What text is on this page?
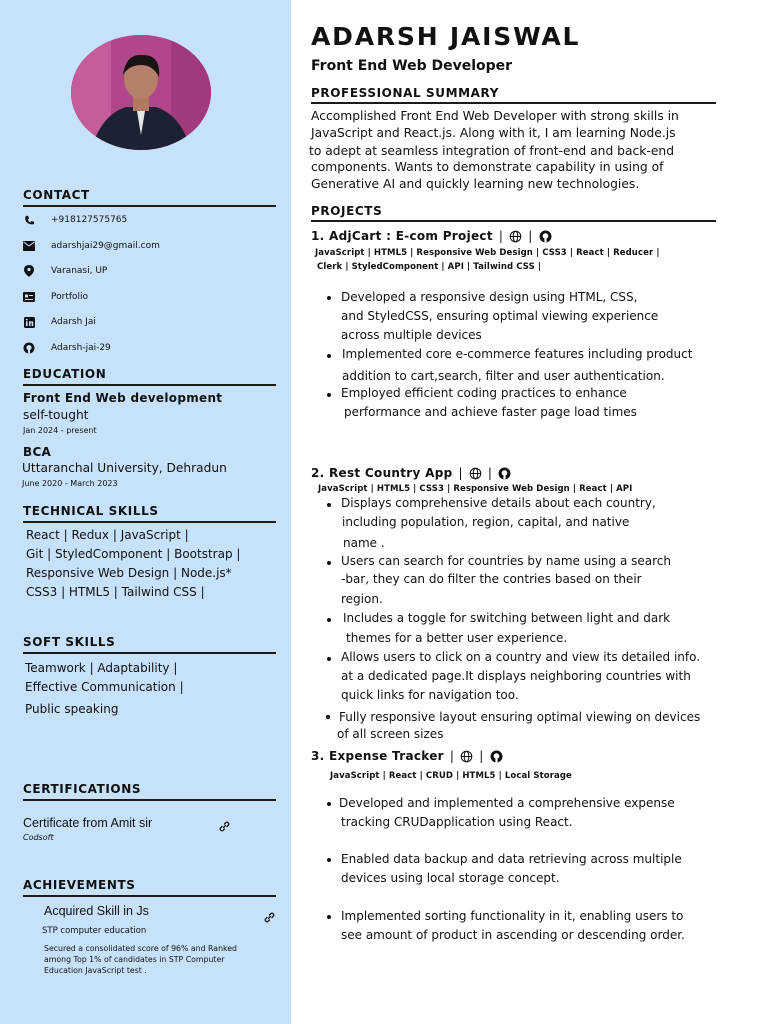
CONTACT
+918127575765
adarshjai29@gmail.com
Varanasi, UP
Portfolio
Adarsh Jai
Adarsh-jai-29
EDUCATION
Front End Web development
self-tought
Jan 2024 - present
BCA
Uttaranchal University, Dehradun
June 2020 - March 2023
TECHNICAL SKILLS
React | Redux | JavaScript |
Git | StyledComponent | Bootstrap |
Responsive Web Design | Node.js*
CSS3 | HTML5 | Tailwind CSS |
SOFT SKILLS
Teamwork | Adaptability |
Effective Communication |
Public speaking
CERTIFICATIONS
Certificate from Amit sir
Codsoft
ACHIEVEMENTS
Acquired Skill in Js
STP computer education
Secured a consolidated score of 96% and Ranked
among Top 1% of candidates in STP Computer
Education JavaScript test .
ADARSH JAISWAL
Front End Web Developer
PROFESSIONAL SUMMARY
Accomplished Front End Web Developer with strong skills in
JavaScript and React.js. Along with it, I am learning Node.js
to adept at seamless integration of front-end and back-end
components. Wants to demonstrate capability in using of
Generative AI and quickly learning new technologies.
PROJECTS
1. AdjCart : E-com Project | |
JavaScript | HTML5 | Responsive Web Design | CSS3 | React | Reducer |
Clerk | StyledComponent | API | Tailwind CSS |
Developed a responsive design using HTML, CSS,
and StyledCSS, ensuring optimal viewing experience
across multiple devices
Implemented core e-commerce features including product
addition to cart,search, filter and user authentication.
Employed efficient coding practices to enhance
performance and achieve faster page load times
2. Rest Country App | |
JavaScript | HTML5 | CSS3 | Responsive Web Design | React | API
Displays comprehensive details about each country,
including population, region, capital, and native
name .
Users can search for countries by name using a search
-bar, they can do filter the contries based on their
region.
Includes a toggle for switching between light and dark
themes for a better user experience.
Allows users to click on a country and view its detailed info.
at a dedicated page.It displays neighboring countries with
quick links for navigation too.
Fully responsive layout ensuring optimal viewing on devices
of all screen sizes
3. Expense Tracker | |
JavaScript | React | CRUD | HTML5 | Local Storage
Developed and implemented a comprehensive expense
tracking CRUDapplication using React.
Enabled data backup and data retrieving across multiple
devices using local storage concept.
Implemented sorting functionality in it, enabling users to
see amount of product in ascending or descending order.
